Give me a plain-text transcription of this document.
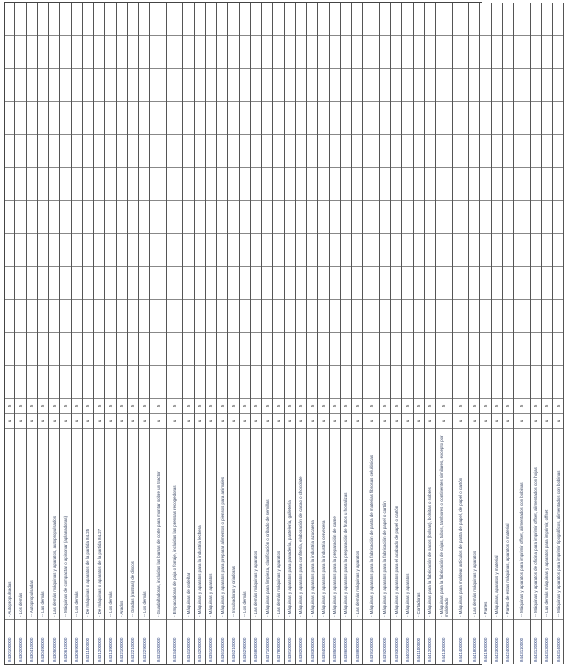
8430100000
- Autopropulsadas
u
5
8430200000
- Los demás
u
5
8430410000
-- Autopropulsadas
u
5
8430490000
-- Las demás
u
5
8430500000
- Las demás máquinas y aparatos, autopropulsados
u
5
8430610000
-- Máquinas de compactar o apisonar (aplanadoras)
u
5
8430690000
-- Los demás
u
5
8431100000
- De máquinas o aparatos de la partida 84.25
u
5
8431200000
- De máquinas o aparatos de la partida 84.27
u
5
8431390000
-- Los demás
u
5
8432100000
- Arados
u
5
8432210000
-- Gradas (rastras) de discos
u
5
8432290000
-- Los demás
u
5
8433200000
- Guadañadoras, incluidas las barras de corte para montar sobre un tractor
u
5
8433400000
- Empacadoras de paja o forraje, incluidas las prensas recogedoras
u
5
8434100000
- Máquinas de ordeñar
u
5
8434200000
- Máquinas y aparatos para la industria lechera
u
5
8435100000
- Máquinas y aparatos
u
5
8436100000
- Máquinas y aparatos para preparar alimentos o piensos para animales
u
5
8436210000
-- Incubadoras y criadoras
u
5
8436290000
-- Los demás
u
5
8436800000
- Las demás máquinas y aparatos
u
5
8437100000
- Máquinas para limpieza, clasificación o cribado de semillas
u
5
8437800000
- Las demás máquinas y aparatos
u
5
8438100000
- Máquinas y aparatos para panadería, pastelería, galletería
u
5
8438200000
- Máquinas y aparatos para confitería, elaboración de cacao o chocolate
u
5
8438300000
- Máquinas y aparatos para la industria azucarera
u
5
8438400000
- Máquinas y aparatos para la industria cervecera
u
5
8438500000
- Máquinas y aparatos para la preparación de carne
u
5
8438600000
- Máquinas y aparatos para la preparación de frutos u hortalizas
u
5
8438800000
- Las demás máquinas y aparatos
u
5
8439100000
- Máquinas y aparatos para la fabricación de pasta de materias fibrosas celulósicas
u
5
8439200000
- Máquinas y aparatos para la fabricación de papel o cartón
u
5
8439300000
- Máquinas y aparatos para el acabado de papel o cartón
u
5
8440100000
- Máquinas y aparatos
u
5
8441100000
- Cortadoras
u
5
8441200000
- Máquinas para la fabricación de sacos (bolsas), bolsitas o sobres
u
5
8441300000
- Máquinas para la fabricación de cajas, tubos, tambores o continentes similares, excepto por moldeado
u
5
8441400000
- Máquinas para moldear artículos de pasta de papel, de papel o cartón
u
5
8441800000
- Las demás máquinas y aparatos
u
5
8441900000
- Partes
u
5
8442300000
- Máquinas, aparatos y material
u
5
8442400000
- Partes de estas máquinas, aparatos o material
u
5
8443110000
-- Máquinas y aparatos para imprimir offset, alimentados con bobinas
u
5
8443120000
-- Máquinas y aparatos de oficina para imprimir offset, alimentados con hojas
u
5
8443130000
-- Las demás máquinas y aparatos para imprimir, offset
u
5
8443140000
-- Máquinas y aparatos para imprimir tipográficos, alimentados con bobinas
u
5
